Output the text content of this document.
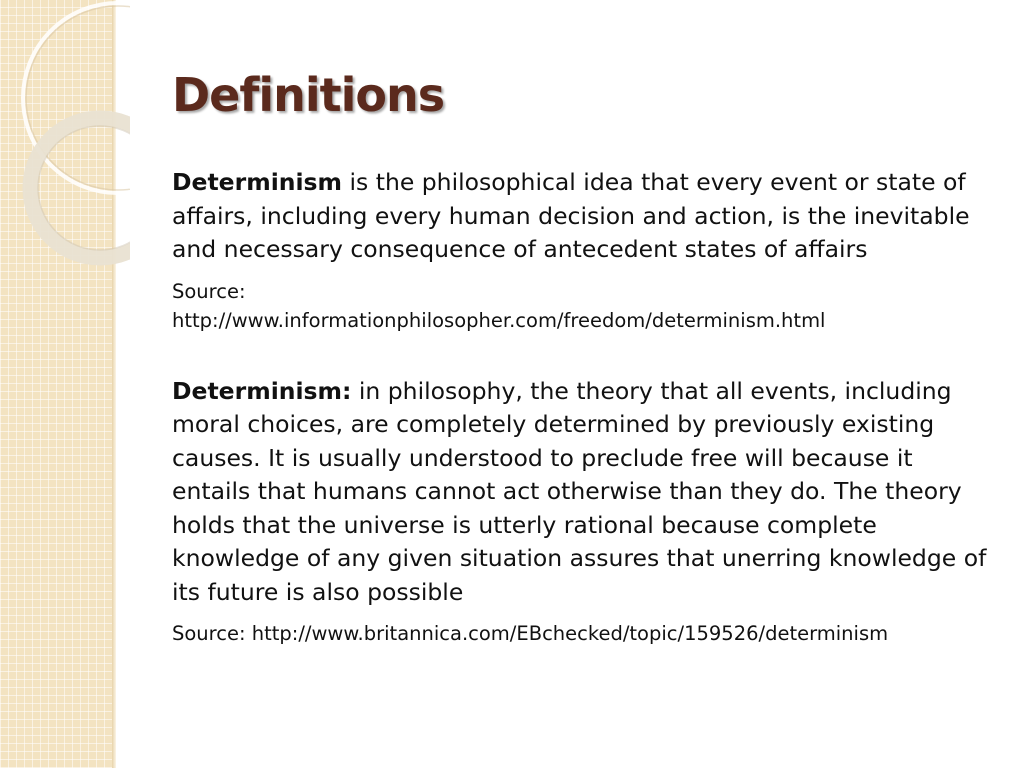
Definitions

Determinism is the philosophical idea that every event or state of affairs, including every human decision and action, is the inevitable and necessary consequence of antecedent states of affairs

Source:
http://www.informationphilosopher.com/freedom/determinism.html

Determinism: in philosophy, the theory that all events, including moral choices, are completely determined by previously existing causes. It is usually understood to preclude free will because it entails that humans cannot act otherwise than they do. The theory holds that the universe is utterly rational because complete knowledge of any given situation assures that unerring knowledge of its future is also possible

Source: http://www.britannica.com/EBchecked/topic/159526/determinism
